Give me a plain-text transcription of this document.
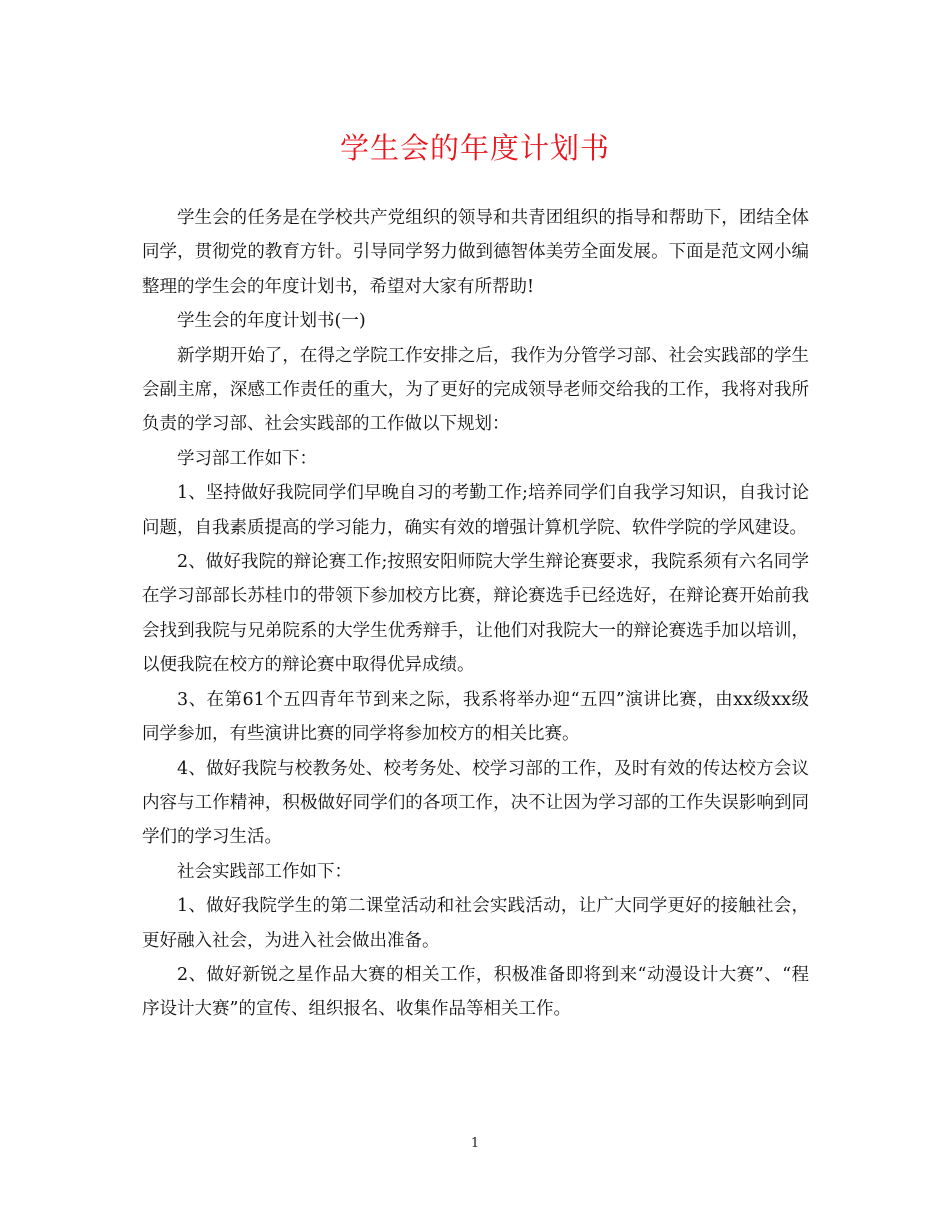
学生会的年度计划书

学生会的任务是在学校共产党组织的领导和共青团组织的指导和帮助下，团结全体同学，贯彻党的教育方针。引导同学努力做到德智体美劳全面发展。下面是范文网小编整理的学生会的年度计划书，希望对大家有所帮助!

学生会的年度计划书(一)

新学期开始了，在得之学院工作安排之后，我作为分管学习部、社会实践部的学生会副主席，深感工作责任的重大，为了更好的完成领导老师交给我的工作，我将对我所负责的学习部、社会实践部的工作做以下规划：

学习部工作如下：

1、坚持做好我院同学们早晚自习的考勤工作;培养同学们自我学习知识，自我讨论问题，自我素质提高的学习能力，确实有效的增强计算机学院、软件学院的学风建设。

2、做好我院的辩论赛工作;按照安阳师院大学生辩论赛要求，我院系须有六名同学在学习部部长苏桂巾的带领下参加校方比赛，辩论赛选手已经选好，在辩论赛开始前我会找到我院与兄弟院系的大学生优秀辩手，让他们对我院大一的辩论赛选手加以培训，以便我院在校方的辩论赛中取得优异成绩。

3、在第61个五四青年节到来之际，我系将举办迎“五四”演讲比赛，由xx级xx级同学参加，有些演讲比赛的同学将参加校方的相关比赛。

4、做好我院与校教务处、校考务处、校学习部的工作，及时有效的传达校方会议内容与工作精神，积极做好同学们的各项工作，决不让因为学习部的工作失误影响到同学们的学习生活。

社会实践部工作如下：

1、做好我院学生的第二课堂活动和社会实践活动，让广大同学更好的接触社会，更好融入社会，为进入社会做出准备。

2、做好新锐之星作品大赛的相关工作，积极准备即将到来“动漫设计大赛”、“程序设计大赛”的宣传、组织报名、收集作品等相关工作。

1
